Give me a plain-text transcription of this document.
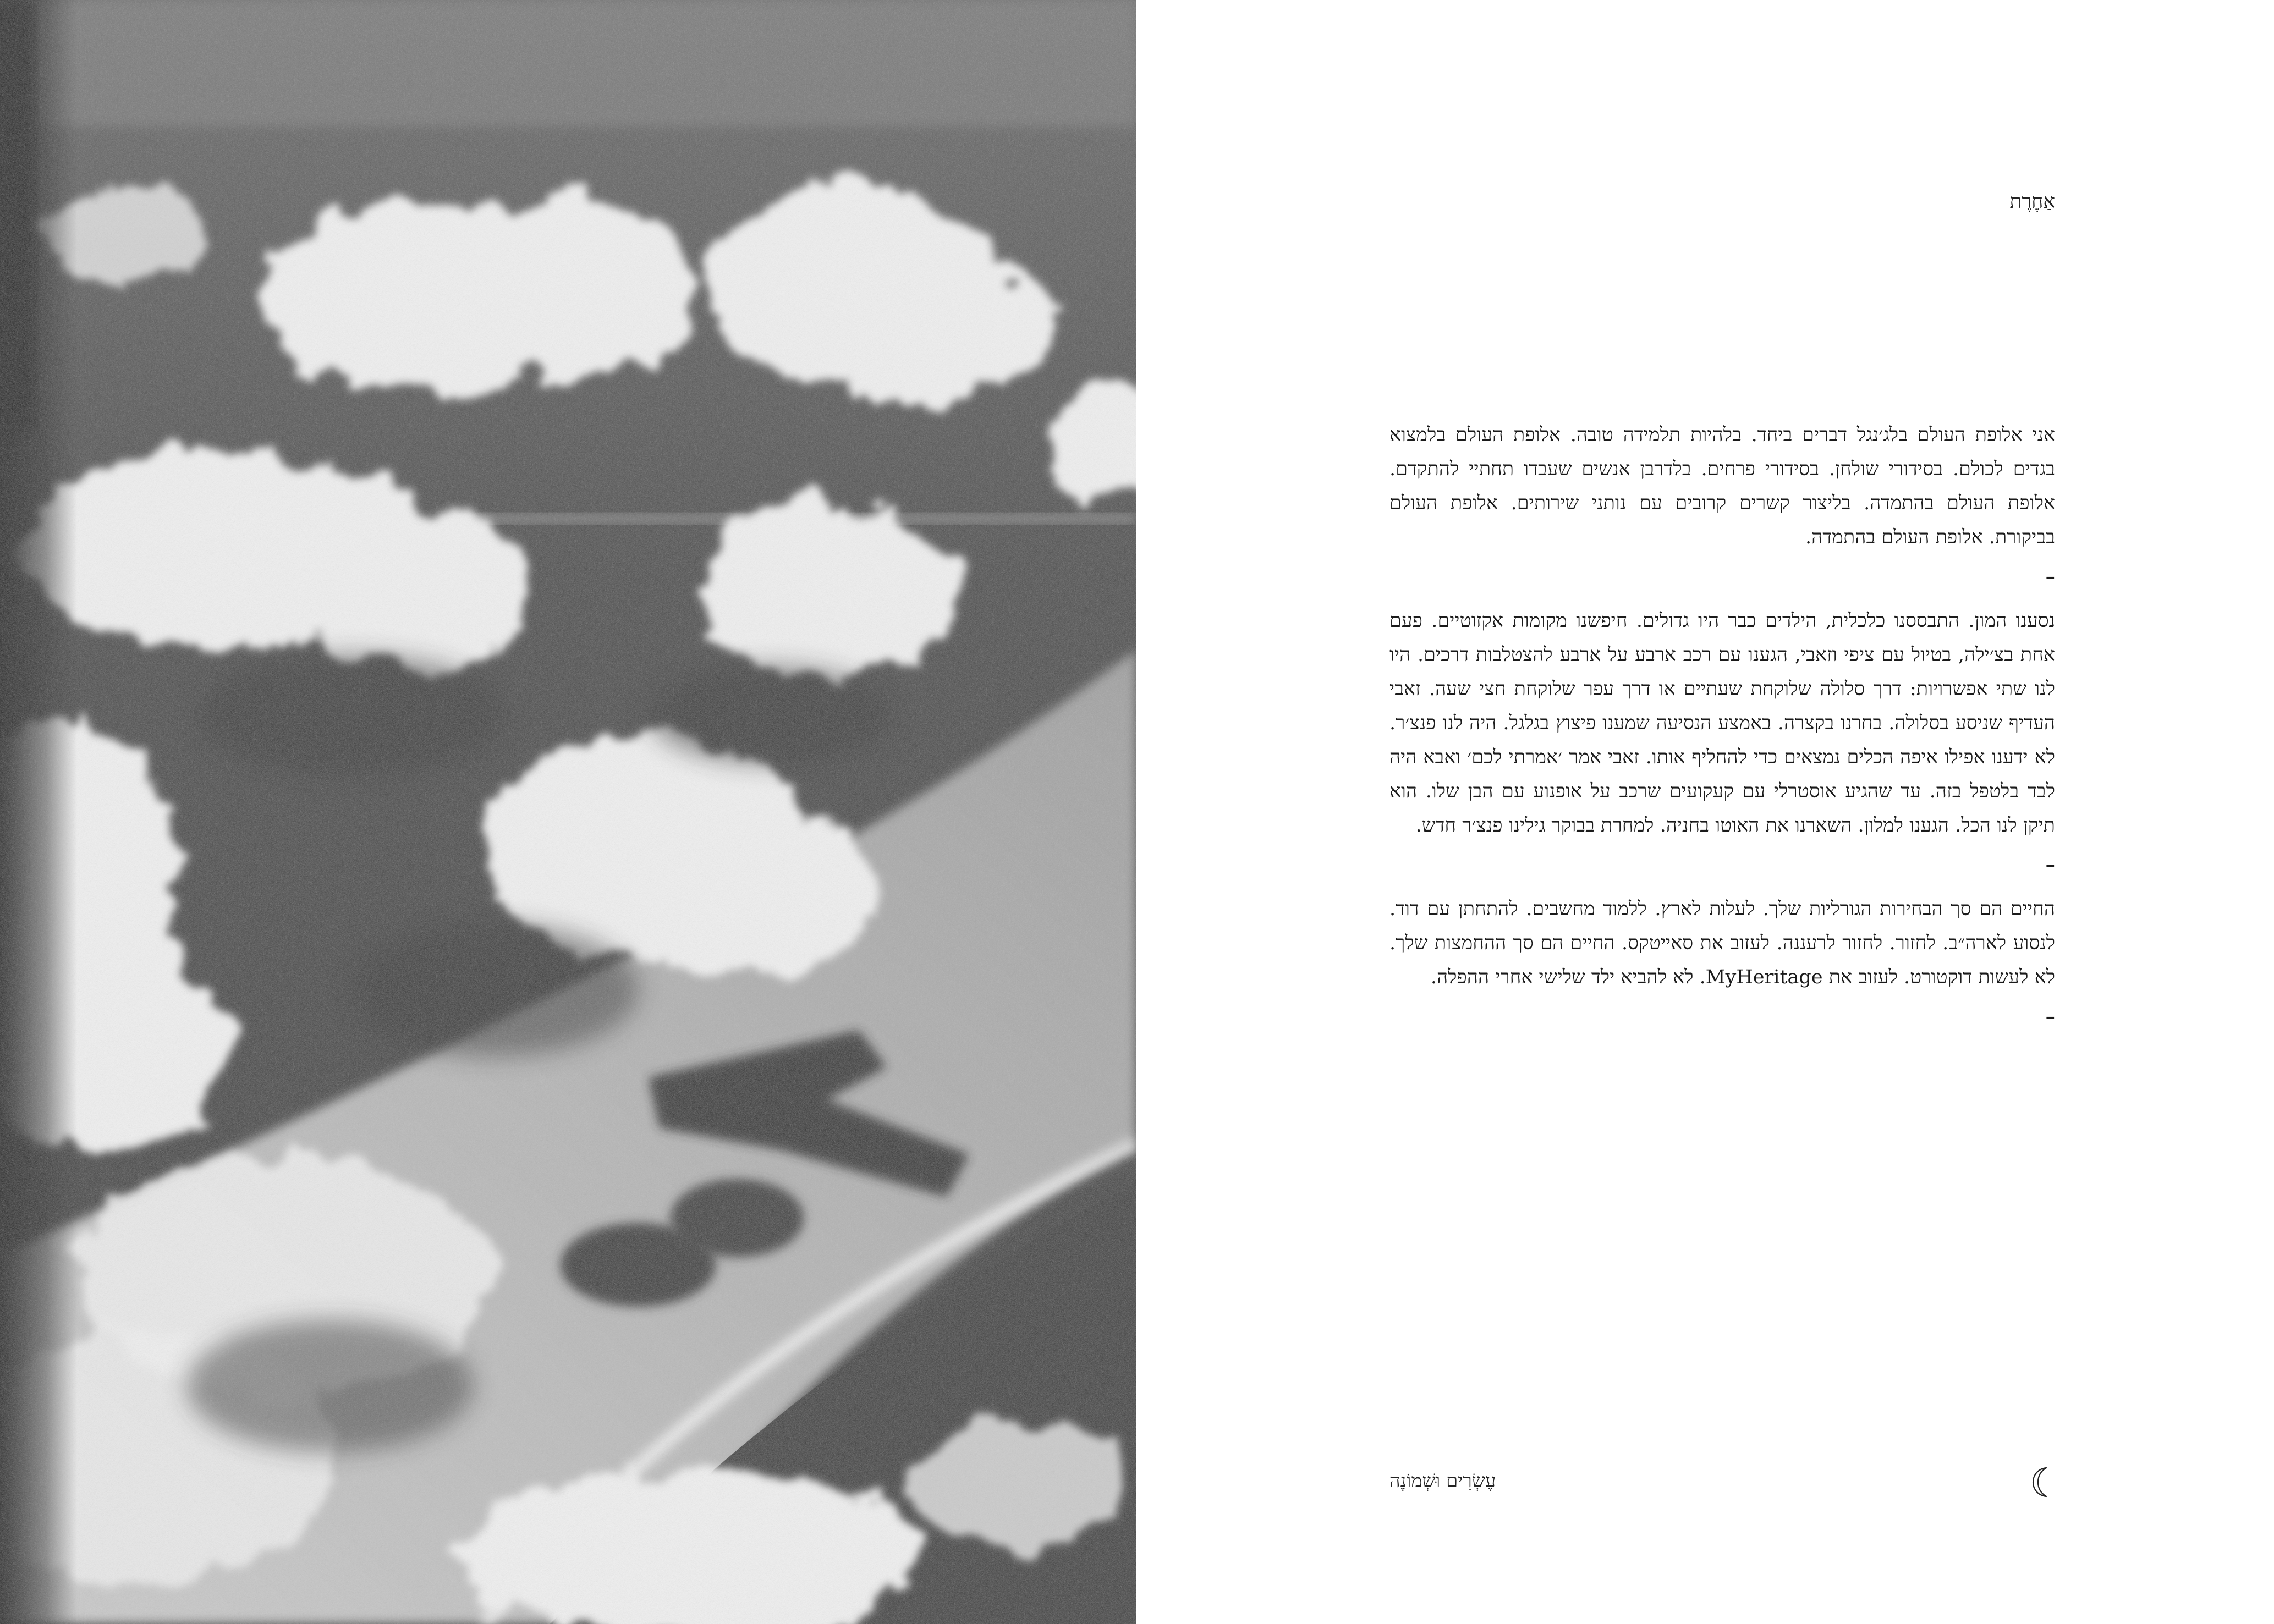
אַחֶרֶת

אני אלופת העולם בלג׳נגל דברים ביחד. בלהיות תלמידה טובה. אלופת העולם בלמצוא בגדים לכולם. בסידורי שולחן. בסידורי פרחים. בלדרבן אנשים שעבדו תחתיי להתקדם. אלופת העולם בהתמדה. בליצור קשרים קרובים עם נותני שירותים. אלופת העולם בביקורת. אלופת העולם בהתמדה.

–

נסענו המון. התבססנו כלכלית, הילדים כבר היו גדולים. חיפשנו מקומות אקזוטיים. פעם אחת בצ׳ילה, בטיול עם ציפי וזאבי, הגענו עם רכב ארבע על ארבע להצטלבות דרכים. היו לנו שתי אפשרויות: דרך סלולה שלוקחת שעתיים או דרך עפר שלוקחת חצי שעה. זאבי העדיף שניסע בסלולה. בחרנו בקצרה. באמצע הנסיעה שמענו פיצוץ בגלגל. היה לנו פנצ׳ר. לא ידענו אפילו איפה הכלים נמצאים כדי להחליף אותו. זאבי אמר ׳אמרתי לכם׳ ואבא היה לבד בלטפל בזה. עד שהגיע אוסטרלי עם קעקועים שרכב על אופנוע עם הבן שלו. הוא תיקן לנו הכל. הגענו למלון. השארנו את האוטו בחניה. למחרת בבוקר גילינו פנצ׳ר חדש.

–

החיים הם סך הבחירות הגורליות שלך. לעלות לארץ. ללמוד מחשבים. להתחתן עם דוד. לנסוע לארה״ב. לחזור. לחזור לרעננה. לעזוב את סאייטקס. החיים הם סך ההחמצות שלך. לא לעשות דוקטורט. לעזוב את MyHeritage. לא להביא ילד שלישי אחרי ההפלה.

–
עֶשְׂרִים וּשְׁמוֹנֶה
